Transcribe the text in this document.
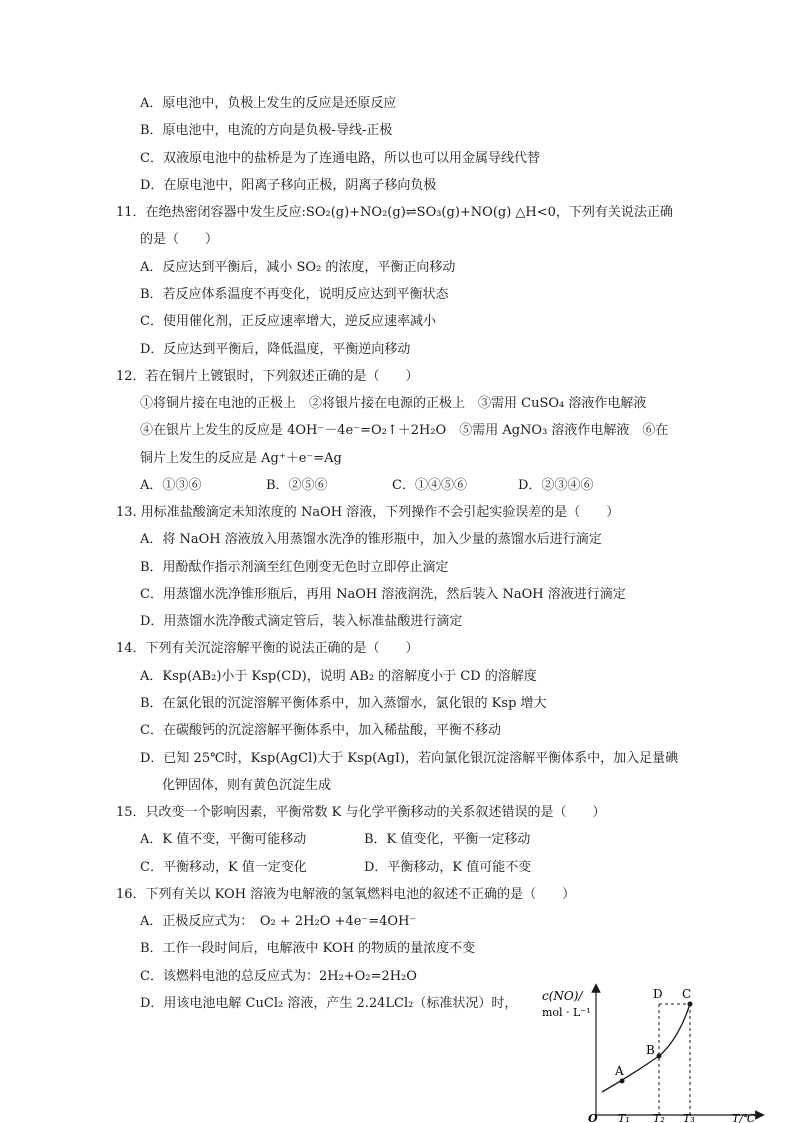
A．原电池中，负极上发生的反应是还原反应
B．原电池中，电流的方向是负极-导线-正极
C．双液原电池中的盐桥是为了连通电路，所以也可以用金属导线代替
D．在原电池中，阳离子移向正极，阴离子移向负极
11．在绝热密闭容器中发生反应:SO₂(g)+NO₂(g)⇌SO₃(g)+NO(g) △H<0，下列有关说法正确
的是（　　）
A．反应达到平衡后，减小 SO₂ 的浓度，平衡正向移动
B．若反应体系温度不再变化，说明反应达到平衡状态
C．使用催化剂，正反应速率增大，逆反应速率减小
D．反应达到平衡后，降低温度，平衡逆向移动
12．若在铜片上镀银时，下列叙述正确的是（　　）
①将铜片接在电池的正极上　②将银片接在电源的正极上　③需用 CuSO₄ 溶液作电解液
④在银片上发生的反应是 4OH⁻－4e⁻=O₂↑＋2H₂O　⑤需用 AgNO₃ 溶液作电解液　⑥在
铜片上发生的反应是 Ag⁺＋e⁻=Ag
A．①③⑥	B．②⑤⑥	C．①④⑤⑥	D．②③④⑥
13. 用标准盐酸滴定未知浓度的 NaOH 溶液，下列操作不会引起实验误差的是（　　）
A．将 NaOH 溶液放入用蒸馏水洗净的锥形瓶中，加入少量的蒸馏水后进行滴定
B．用酚酞作指示剂滴至红色刚变无色时立即停止滴定
C．用蒸馏水洗净锥形瓶后，再用 NaOH 溶液润洗，然后装入 NaOH 溶液进行滴定
D．用蒸馏水洗净酸式滴定管后，装入标准盐酸进行滴定
14．下列有关沉淀溶解平衡的说法正确的是（　　）
A．Ksp(AB₂)小于 Ksp(CD)，说明 AB₂ 的溶解度小于 CD 的溶解度
B．在氯化银的沉淀溶解平衡体系中，加入蒸馏水，氯化银的 Ksp 增大
C．在碳酸钙的沉淀溶解平衡体系中，加入稀盐酸，平衡不移动
D．已知 25℃时，Ksp(AgCl)大于 Ksp(AgI)，若向氯化银沉淀溶解平衡体系中，加入足量碘
化钾固体，则有黄色沉淀生成
15．只改变一个影响因素，平衡常数 K 与化学平衡移动的关系叙述错误的是（　　）
A．K 值不变，平衡可能移动	B．K 值变化，平衡一定移动
C．平衡移动，K 值一定变化	D．平衡移动，K 值可能不变
16．下列有关以 KOH 溶液为电解液的氢氧燃料电池的叙述不正确的是（　　）
A．正极反应式为：　O₂ + 2H₂O +4e⁻=4OH⁻
B．工作一段时间后，电解液中 KOH 的物质的量浓度不变
C．该燃料电池的总反应式为：2H₂+O₂=2H₂O
D．用该电池电解 CuCl₂ 溶液，产生 2.24LCl₂（标准状况）时， c(NO)/
mol · L⁻¹
D C
B
A
O T₁ T₂ T₃	T/℃
